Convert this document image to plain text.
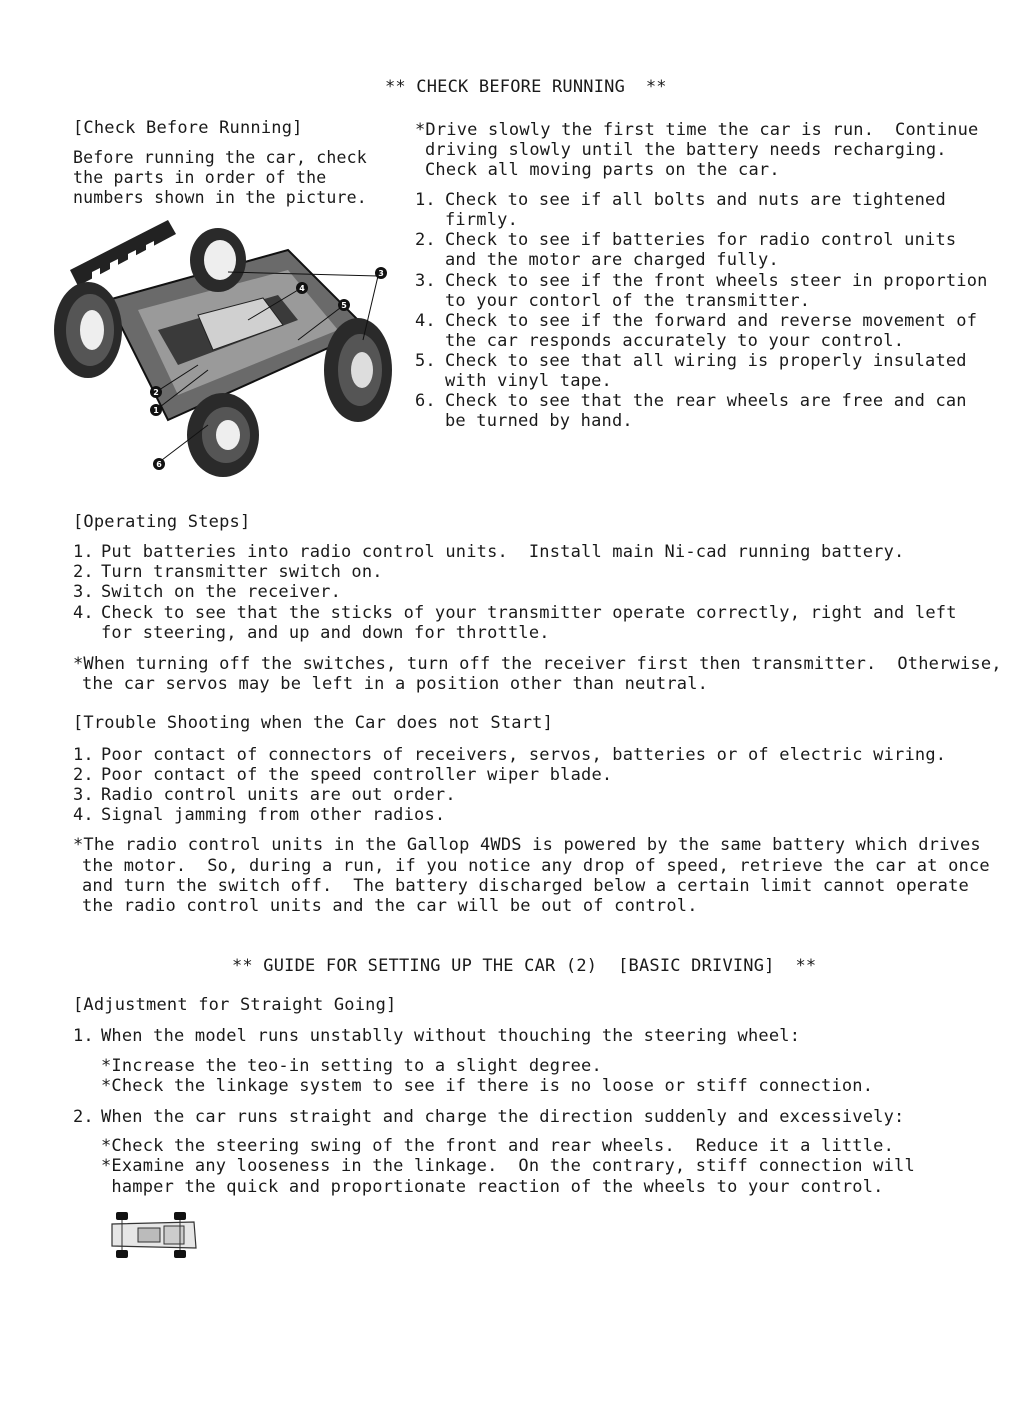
** CHECK BEFORE RUNNING  **
[Check Before Running]
Before running the car, check
the parts in order of the
numbers shown in the picture.
3
4
5
2
1
6
*Drive slowly the first time the car is run.  Continue
driving slowly until the battery needs recharging.
Check all moving parts on the car.
1. Check to see if all bolts and nuts are tightened
firmly.
2. Check to see if batteries for radio control units
and the motor are charged fully.
3. Check to see if the front wheels steer in proportion
to your contorl of the transmitter.
4. Check to see if the forward and reverse movement of
the car responds accurately to your control.
5. Check to see that all wiring is properly insulated
with vinyl tape.
6. Check to see that the rear wheels are free and can
be turned by hand.
[Operating Steps]
1. Put batteries into radio control units.  Install main Ni-cad running battery.
2. Turn transmitter switch on.
3. Switch on the receiver.
4. Check to see that the sticks of your transmitter operate correctly, right and left
for steering, and up and down for throttle.
*When turning off the switches, turn off the receiver first then transmitter.  Otherwise,
the car servos may be left in a position other than neutral.
[Trouble Shooting when the Car does not Start]
1. Poor contact of connectors of receivers, servos, batteries or of electric wiring.
2. Poor contact of the speed controller wiper blade.
3. Radio control units are out order.
4. Signal jamming from other radios.
*The radio control units in the Gallop 4WDS is powered by the same battery which drives
the motor.  So, during a run, if you notice any drop of speed, retrieve the car at once
and turn the switch off.  The battery discharged below a certain limit cannot operate
the radio control units and the car will be out of control.
** GUIDE FOR SETTING UP THE CAR (2)  [BASIC DRIVING]  **
[Adjustment for Straight Going]
1. When the model runs unstablly without thouching the steering wheel:
*Increase the teo-in setting to a slight degree.
*Check the linkage system to see if there is no loose or stiff connection.
2. When the car runs straight and charge the direction suddenly and excessively:
*Check the steering swing of the front and rear wheels.  Reduce it a little.
*Examine any looseness in the linkage.  On the contrary, stiff connection will
hamper the quick and proportionate reaction of the wheels to your control.
